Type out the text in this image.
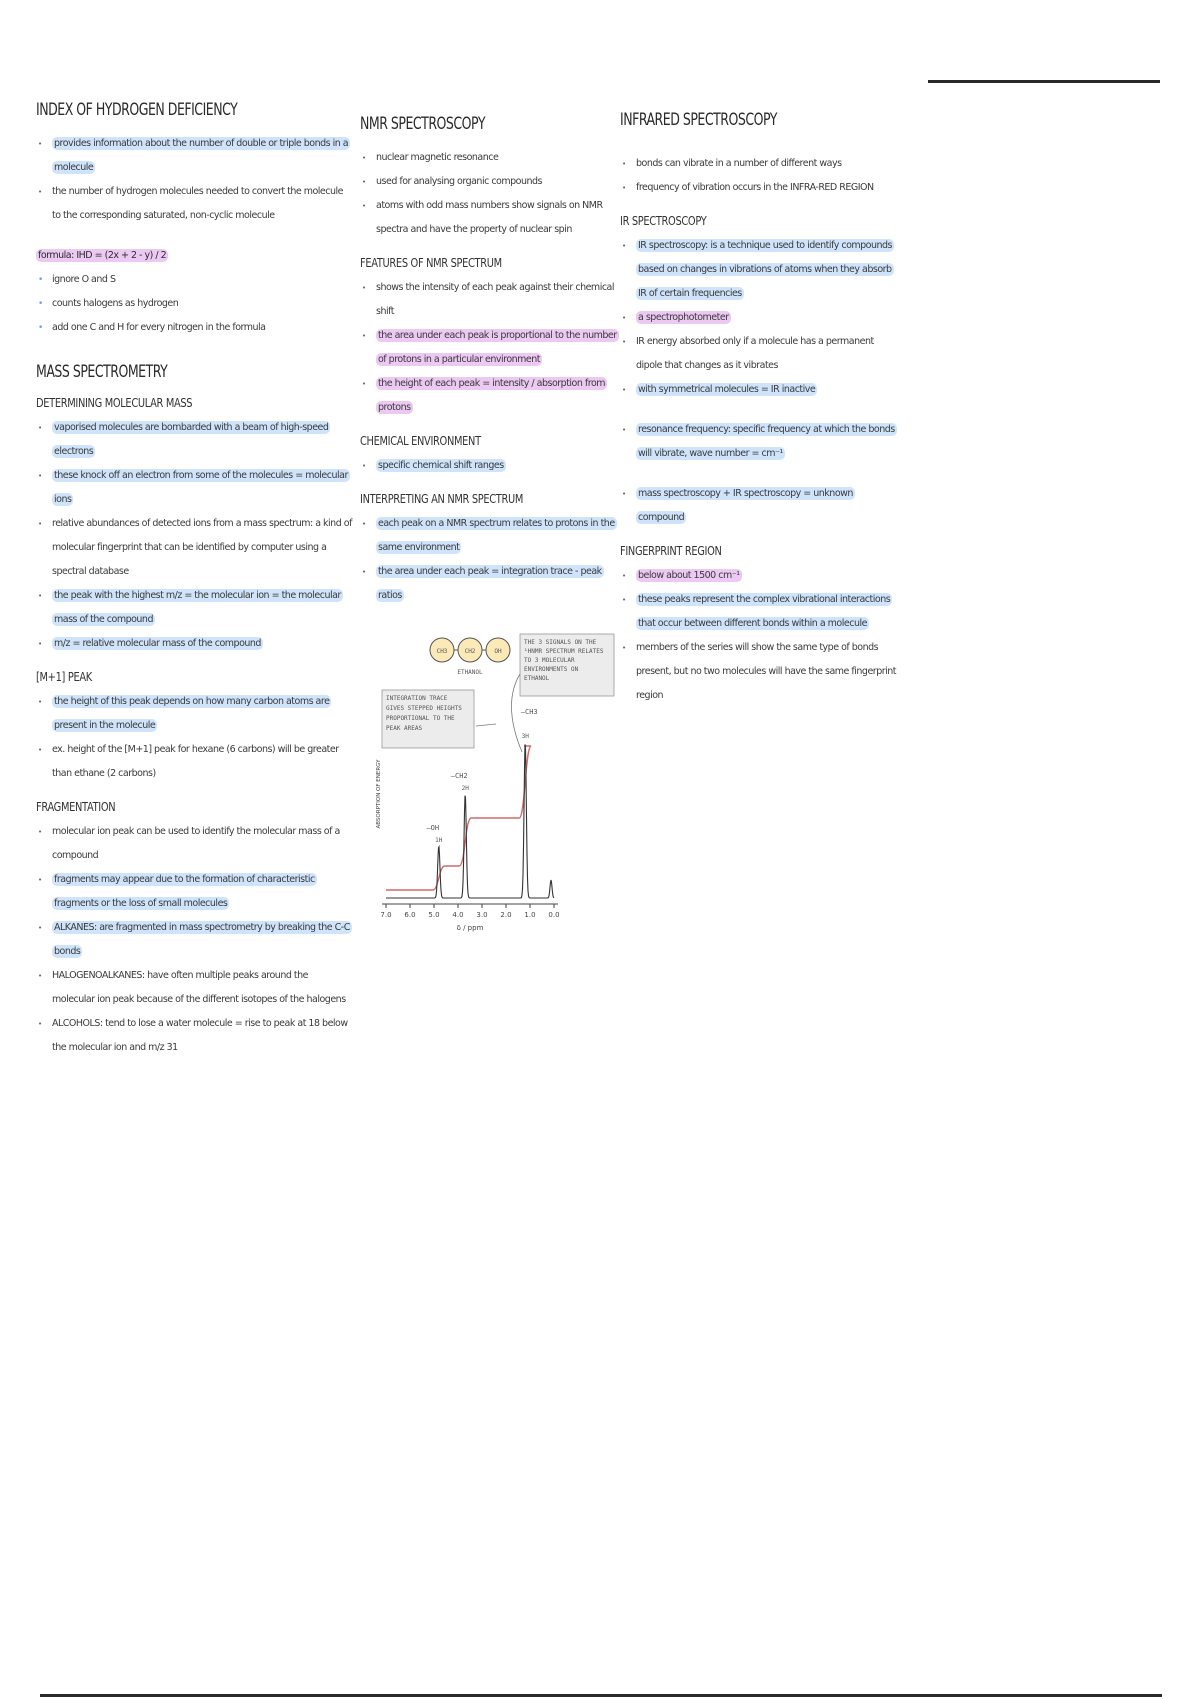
INDEX OF HYDROGEN DEFICIENCY
• provides information about the number of double or triple bonds in a molecule
• the number of hydrogen molecules needed to convert the molecule to the corresponding saturated, non-cyclic molecule
formula: IHD = (2x + 2 - y) / 2
• ignore O and S
• counts halogens as hydrogen
• add one C and H for every nitrogen in the formula
MASS SPECTROMETRY
DETERMINING MOLECULAR MASS
• vaporised molecules are bombarded with a beam of high-speed electrons
• these knock off an electron from some of the molecules = molecular ions
• relative abundances of detected ions from a mass spectrum: a kind of molecular fingerprint that can be identified by computer using a spectral database
• the peak with the highest m/z = the molecular ion = the molecular mass of the compound
• m/z = relative molecular mass of the compound
[M+1] PEAK
• the height of this peak depends on how many carbon atoms are present in the molecule
• ex. height of the [M+1] peak for hexane (6 carbons) will be greater than ethane (2 carbons)
FRAGMENTATION
• molecular ion peak can be used to identify the molecular mass of a compound
• fragments may appear due to the formation of characteristic fragments or the loss of small molecules
• ALKANES: are fragmented in mass spectrometry by breaking the C-C bonds
• HALOGENOALKANES: have often multiple peaks around the molecular ion peak because of the different isotopes of the halogens
• ALCOHOLS: tend to lose a water molecule = rise to peak at 18 below the molecular ion and m/z 31
NMR SPECTROSCOPY
• nuclear magnetic resonance
• used for analysing organic compounds
• atoms with odd mass numbers show signals on NMR spectra and have the property of nuclear spin
FEATURES OF NMR SPECTRUM
• shows the intensity of each peak against their chemical shift
• the area under each peak is proportional to the number of protons in a particular environment
• the height of each peak = intensity / absorption from protons
CHEMICAL ENVIRONMENT
• specific chemical shift ranges
INTERPRETING AN NMR SPECTRUM
• each peak on a NMR spectrum relates to protons in the same environment
• the area under each peak = integration trace - peak ratios
CH3	CH2	OH
ETHANOL
THE 3 SIGNALS ON THE
¹HNMR SPECTRUM RELATES
TO 3 MOLECULAR
ENVIRONMENTS ON
ETHANOL
INTEGRATION TRACE
GIVES STEPPED HEIGHTS
PROPORTIONAL TO THE
PEAK AREAS
ABSORPTION OF ENERGY
δ / ppm
7.0 6.0 5.0 4.0 3.0 2.0 1.0 0.0
1H
—OH
2H
—CH2
3H
—CH3
INFRARED SPECTROSCOPY
• bonds can vibrate in a number of different ways
• frequency of vibration occurs in the INFRA-RED REGION
IR SPECTROSCOPY
• IR spectroscopy: is a technique used to identify compounds based on changes in vibrations of atoms when they absorb IR of certain frequencies
• a spectrophotometer
• IR energy absorbed only if a molecule has a permanent dipole that changes as it vibrates
• with symmetrical molecules = IR inactive
• resonance frequency: specific frequency at which the bonds will vibrate, wave number = cm⁻¹
• mass spectroscopy + IR spectroscopy = unknown compound
FINGERPRINT REGION
• below about 1500 cm⁻¹
• these peaks represent the complex vibrational interactions that occur between different bonds within a molecule
• members of the series will show the same type of bonds present, but no two molecules will have the same fingerprint region
